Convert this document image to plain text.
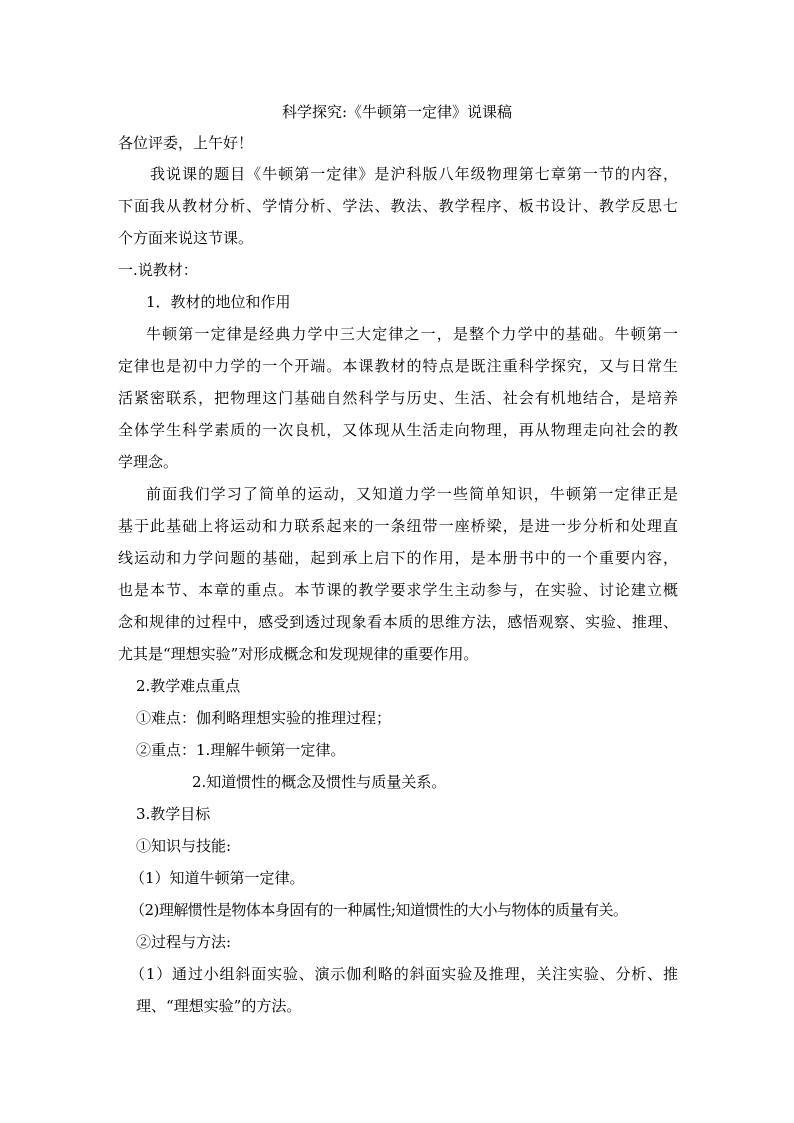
科学探究:《牛顿第一定律》说课稿
各位评委，上午好！
我说课的题目《牛顿第一定律》是沪科版八年级物理第七章第一节的内容，
下面我从教材分析、学情分析、学法、教法、教学程序、板书设计、教学反思七
个方面来说这节课。
一.说教材：
1．教材的地位和作用
牛顿第一定律是经典力学中三大定律之一，是整个力学中的基础。牛顿第一
定律也是初中力学的一个开端。本课教材的特点是既注重科学探究，又与日常生
活紧密联系，把物理这门基础自然科学与历史、生活、社会有机地结合，是培养
全体学生科学素质的一次良机，又体现从生活走向物理，再从物理走向社会的教
学理念。
前面我们学习了简单的运动，又知道力学一些简单知识，牛顿第一定律正是
基于此基础上将运动和力联系起来的一条纽带一座桥梁，是进一步分析和处理直
线运动和力学问题的基础，起到承上启下的作用，是本册书中的一个重要内容，
也是本节、本章的重点。本节课的教学要求学生主动参与，在实验、讨论建立概
念和规律的过程中，感受到透过现象看本质的思维方法，感悟观察、实验、推理、
尤其是“理想实验”对形成概念和发现规律的重要作用。
2.教学难点重点
①难点：伽利略理想实验的推理过程；
②重点：1.理解牛顿第一定律。
2.知道惯性的概念及惯性与质量关系。
3.教学目标
①知识与技能:
（1）知道牛顿第一定律。
（2)理解惯性是物体本身固有的一种属性;知道惯性的大小与物体的质量有关。
②过程与方法:
（1）通过小组斜面实验、演示伽利略的斜面实验及推理，关注实验、分析、推
理、“理想实验”的方法。
